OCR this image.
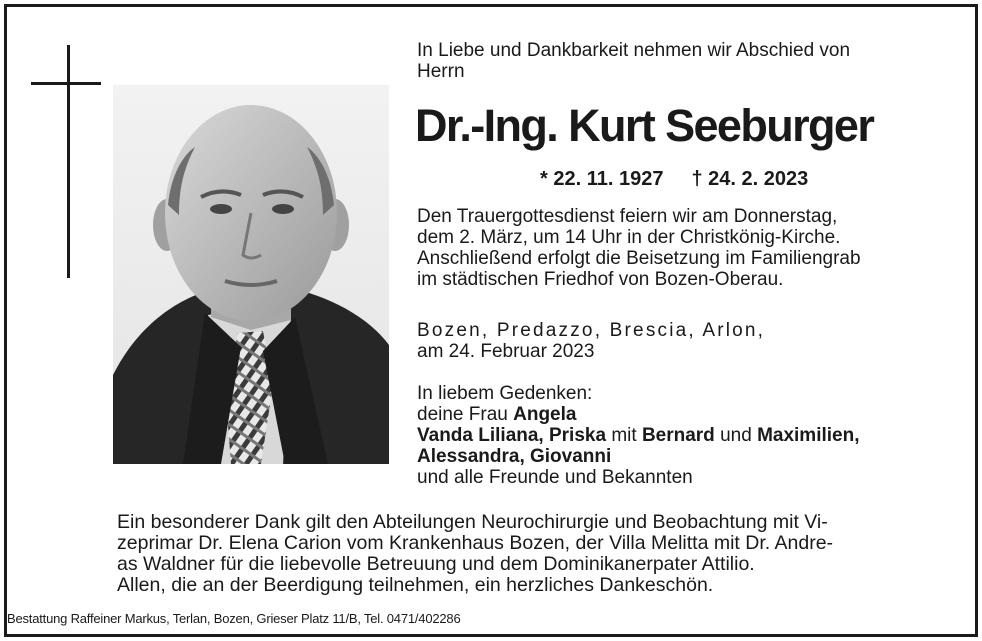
In Liebe und Dankbarkeit nehmen wir Abschied von
Herrn
Dr.-Ing. Kurt Seeburger
* 22. 11. 1927 † 24. 2. 2023
Den Trauergottesdienst feiern wir am Donnerstag,
dem 2. März, um 14 Uhr in der Christkönig-Kirche.
Anschließend erfolgt die Beisetzung im Familiengrab
im städtischen Friedhof von Bozen-Oberau.
Bozen, Predazzo, Brescia, Arlon,
am 24. Februar 2023
In liebem Gedenken:
deine Frau Angela
Vanda Liliana, Priska mit Bernard und Maximilien,
Alessandra, Giovanni
und alle Freunde und Bekannten
Ein besonderer Dank gilt den Abteilungen Neurochirurgie und Beobachtung mit Vi-
zeprimar Dr. Elena Carion vom Krankenhaus Bozen, der Villa Melitta mit Dr. Andre-
as Waldner für die liebevolle Betreuung und dem Dominikanerpater Attilio.
Allen, die an der Beerdigung teilnehmen, ein herzliches Dankeschön.
Bestattung Raffeiner Markus, Terlan, Bozen, Grieser Platz 11/B, Tel. 0471/402286
